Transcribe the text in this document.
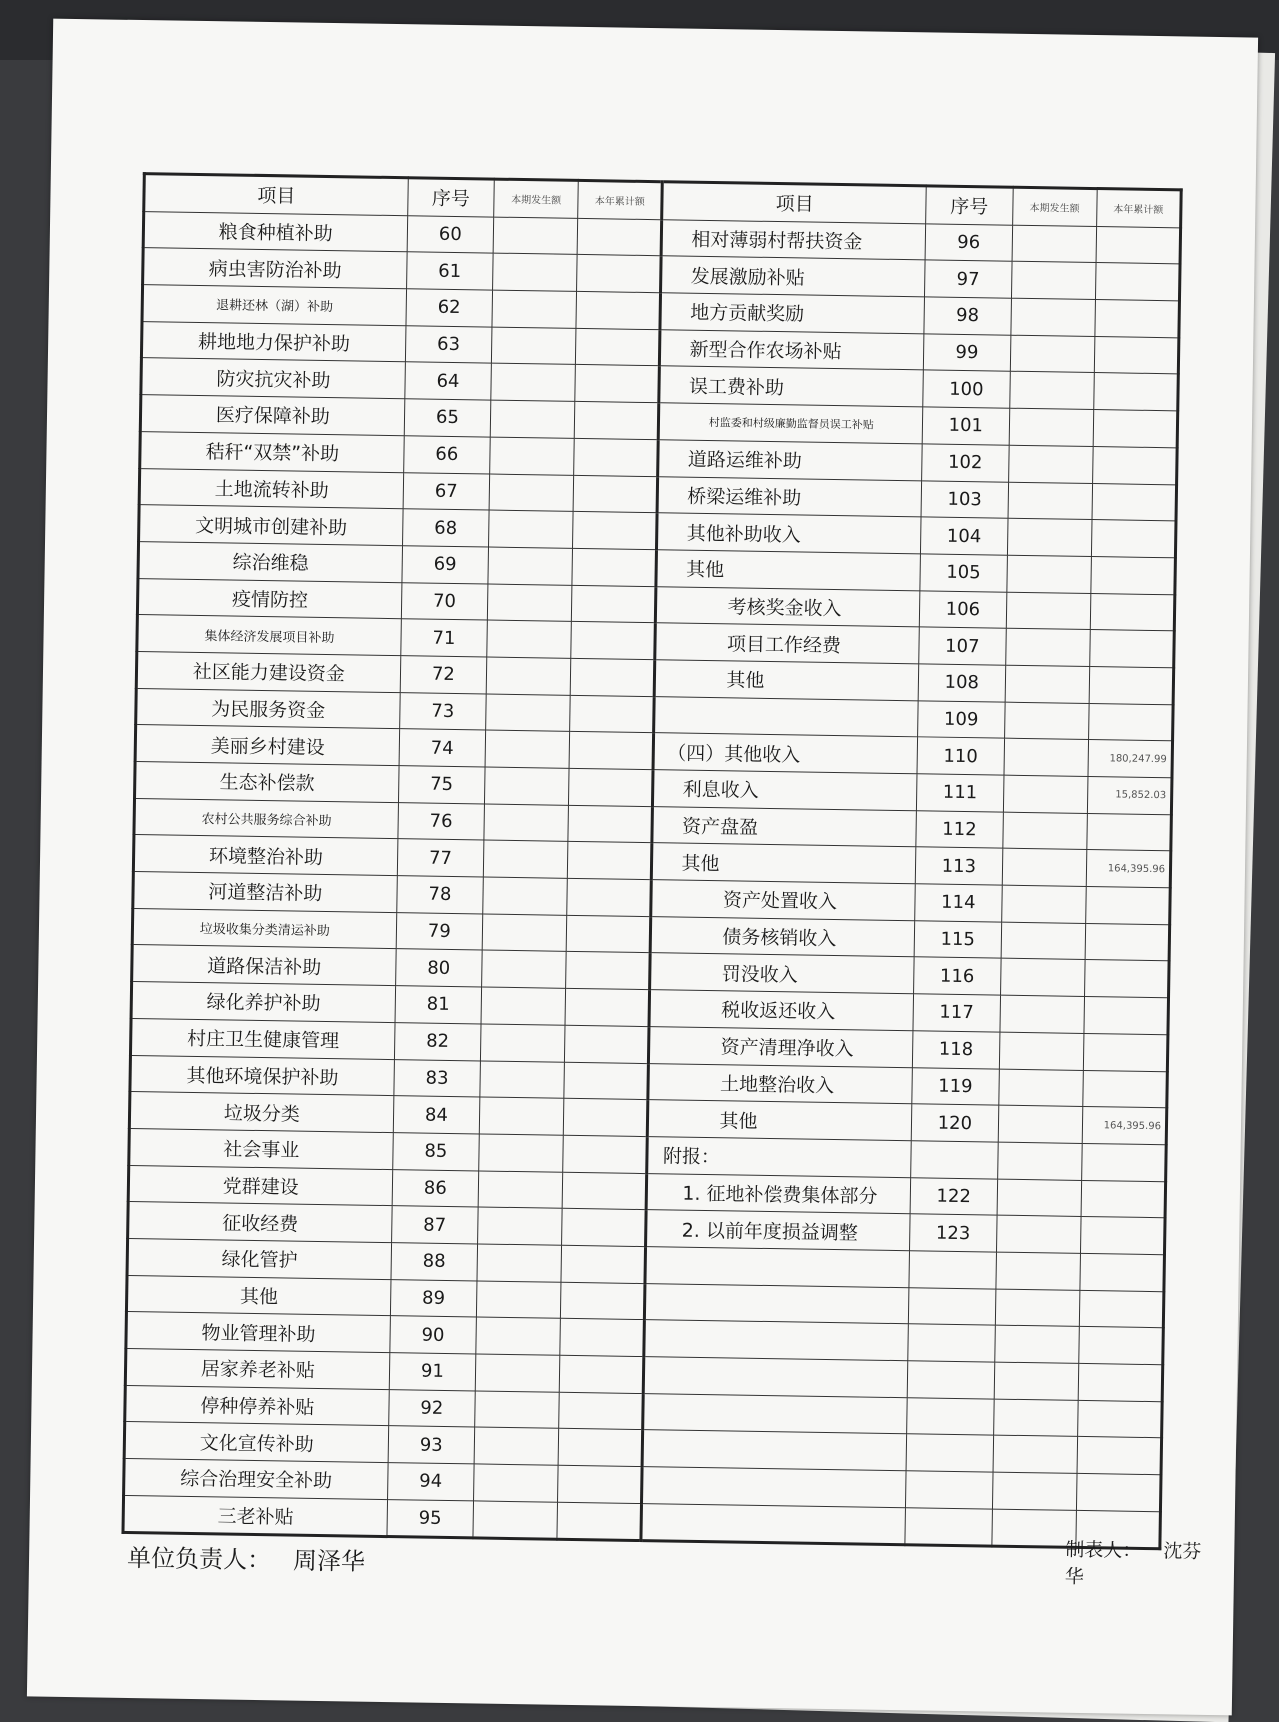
项目	序号	本期发生额	本年累计额	项目	序号	本期发生额	本年累计额
粮食种植补助	60			相对薄弱村帮扶资金	96		
病虫害防治补助	61			发展激励补贴	97		
退耕还林（湖）补助	62			地方贡献奖励	98		
耕地地力保护补助	63			新型合作农场补贴	99		
防灾抗灾补助	64			误工费补助	100		
医疗保障补助	65			村监委和村级廉勤监督员误工补贴	101		
秸秆“双禁”补助	66			道路运维补助	102		
土地流转补助	67			桥梁运维补助	103		
文明城市创建补助	68			其他补助收入	104		
综治维稳	69			其他	105		
疫情防控	70			考核奖金收入	106		
集体经济发展项目补助	71			项目工作经费	107		
社区能力建设资金	72			其他	108		
为民服务资金	73				109		
美丽乡村建设	74			（四）其他收入	110		180,247.99
生态补偿款	75			利息收入	111		15,852.03
农村公共服务综合补助	76			资产盘盈	112		
环境整治补助	77			其他	113		164,395.96
河道整洁补助	78			资产处置收入	114		
垃圾收集分类清运补助	79			债务核销收入	115		
道路保洁补助	80			罚没收入	116		
绿化养护补助	81			税收返还收入	117		
村庄卫生健康管理	82			资产清理净收入	118		
其他环境保护补助	83			土地整治收入	119		
垃圾分类	84			其他	120		164,395.96
社会事业	85			附报：			
党群建设	86			1. 征地补偿费集体部分	122		
征收经费	87			2. 以前年度损益调整	123		
绿化管护	88						
其他	89						
物业管理补助	90						
居家养老补贴	91						
停种停养补贴	92						
文化宣传补助	93						
综合治理安全补助	94						
三老补贴	95						
单位负责人： 周泽华	制表人： 沈芬华
